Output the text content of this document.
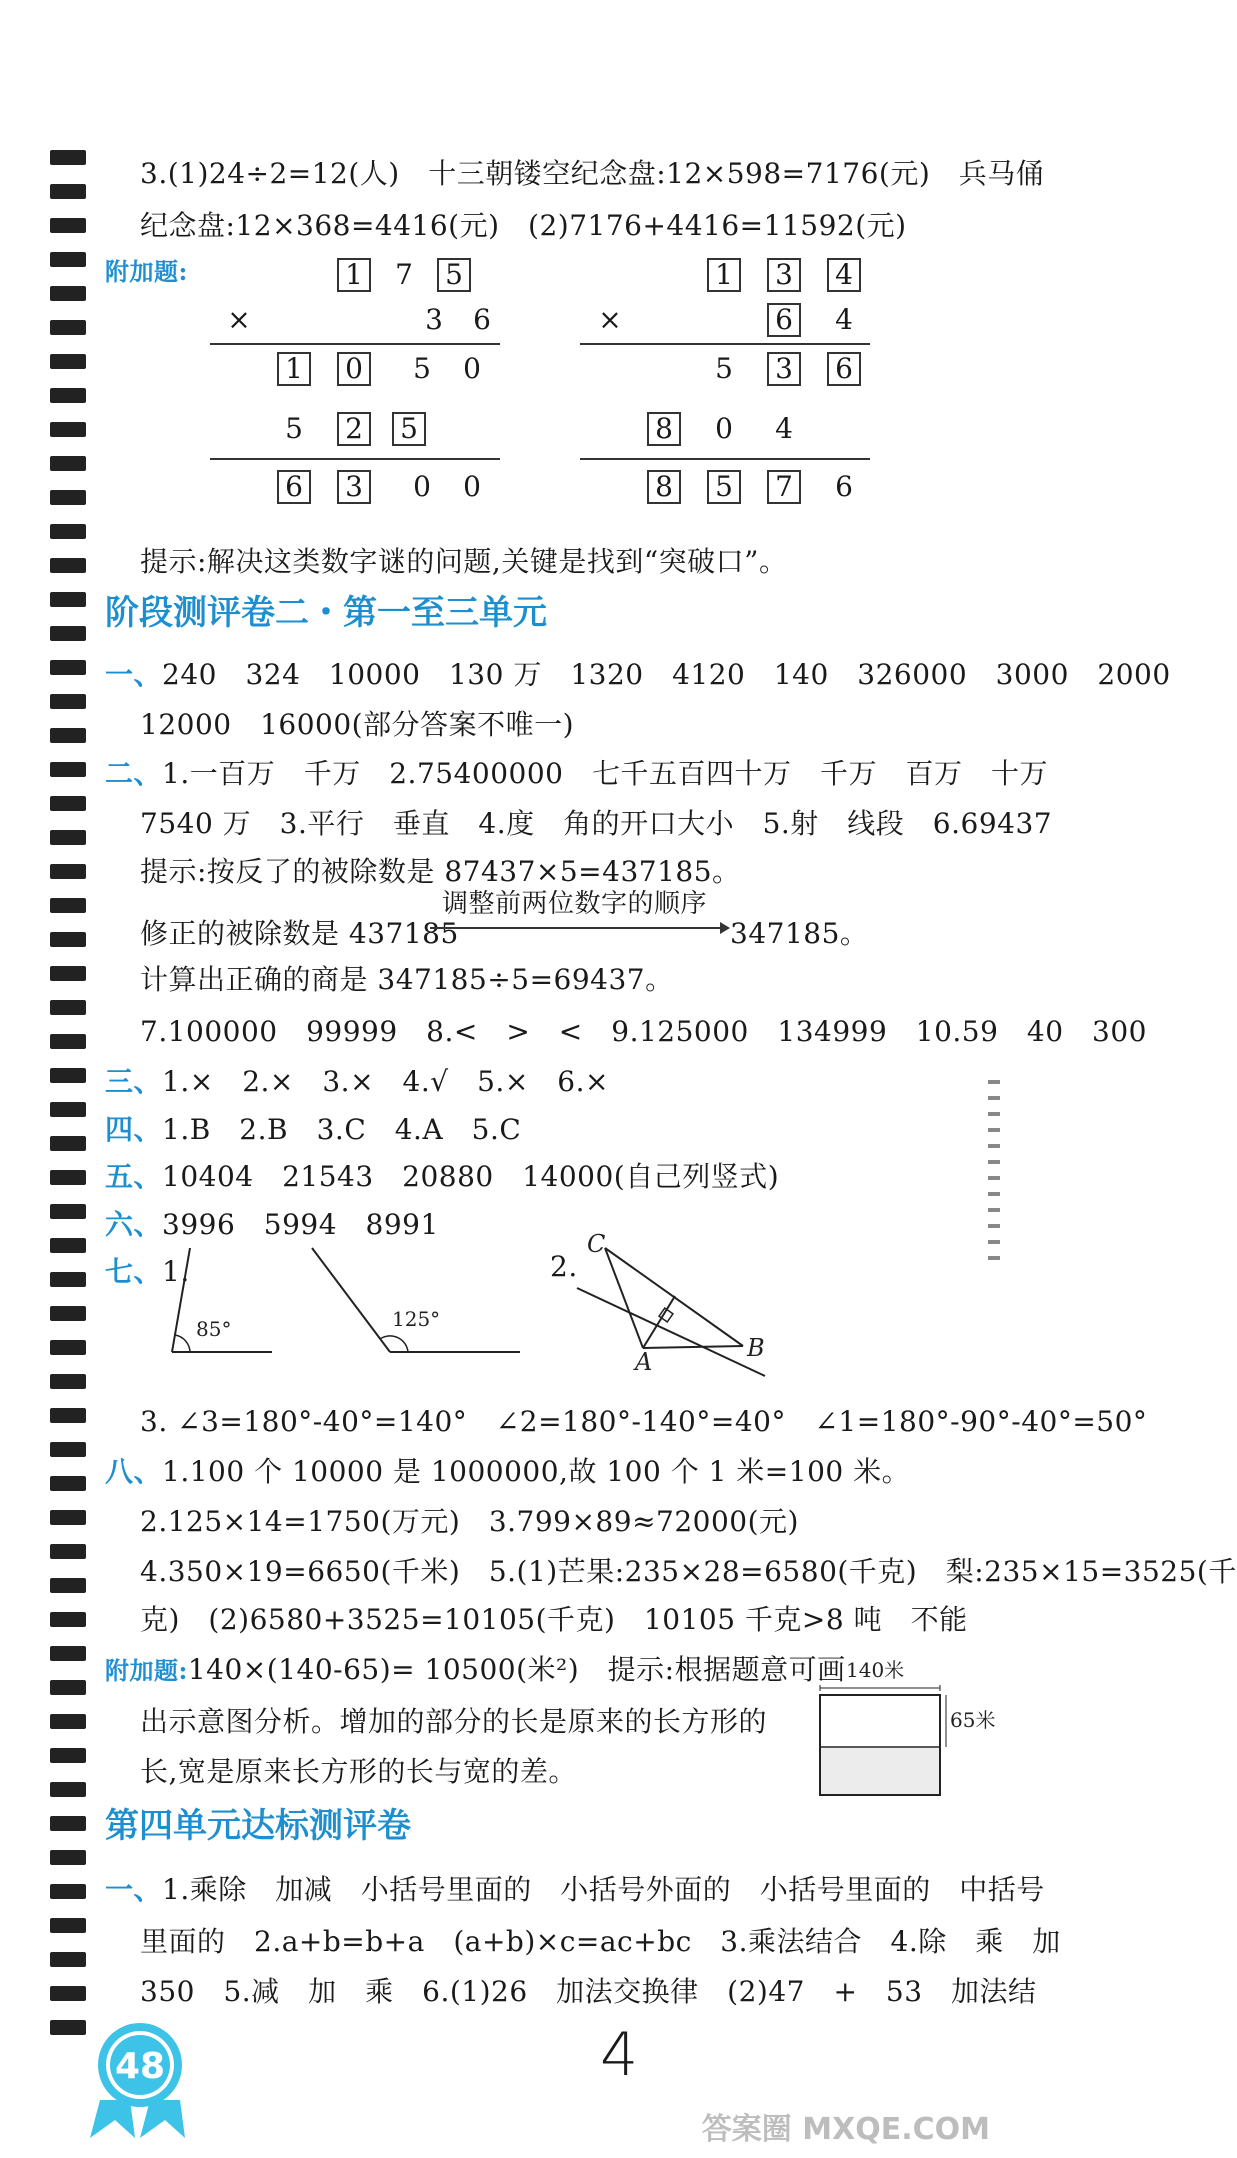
3.(1)24÷2=12(人)　十三朝镂空纪念盘:12×598=7176(元)　兵马俑
纪念盘:12×368=4416(元)　(2)7176+4416=11592(元)
附加题:	1 7 5
×	3 6
1 0 5 0
5 2 5
6 3 0 0
1 3 4
×	6 4
5 3 6
8 0 4
8 5 7 6
提示:解决这类数字谜的问题,关键是找到“突破口”。
阶段测评卷二・第一至三单元
一、240　324　10000　130 万　1320　4120　140　326000　3000　2000
12000　16000(部分答案不唯一)
二、1.一百万　千万　2.75400000　七千五百四十万　千万　百万　十万
7540 万　3.平行　垂直　4.度　角的开口大小　5.射　线段　6.69437
提示:按反了的被除数是 87437×5=437185。
修正的被除数是 437185
调整前两位数字的顺序
347185。
计算出正确的商是 347185÷5=69437。
7.100000　99999　8.<　>　<　9.125000　134999　10.59　40　300
三、1.×　2.×　3.×　4.√　5.×　6.×
四、1.B　2.B　3.C　4.A　5.C
五、10404　21543　20880　14000(自己列竖式)
六、3996　5994　8991
七、1.
85°	125°
2.
C
A	B
3. ∠3=180°-40°=140°　∠2=180°-140°=40°　∠1=180°-90°-40°=50°
八、1.100 个 10000 是 1000000,故 100 个 1 米=100 米。
2.125×14=1750(万元)　3.799×89≈72000(元)
4.350×19=6650(千米)　5.(1)芒果:235×28=6580(千克)　梨:235×15=3525(千
克)　(2)6580+3525=10105(千克)　10105 千克>8 吨　不能
附加题:140×(140-65)= 10500(米²)　提示:根据题意可画
出示意图分析。增加的部分的长是原来的长方形的
长,宽是原来长方形的长与宽的差。
140米
65米
第四单元达标测评卷
一、1.乘除　加减　小括号里面的　小括号外面的　小括号里面的　中括号
里面的　2.a+b=b+a　(a+b)×c=ac+bc　3.乘法结合　4.除　乘　加
350　5.减　加　乘　6.(1)26　加法交换律　(2)47　+　53　加法结
48	4
答案圈 MXQE.COM
